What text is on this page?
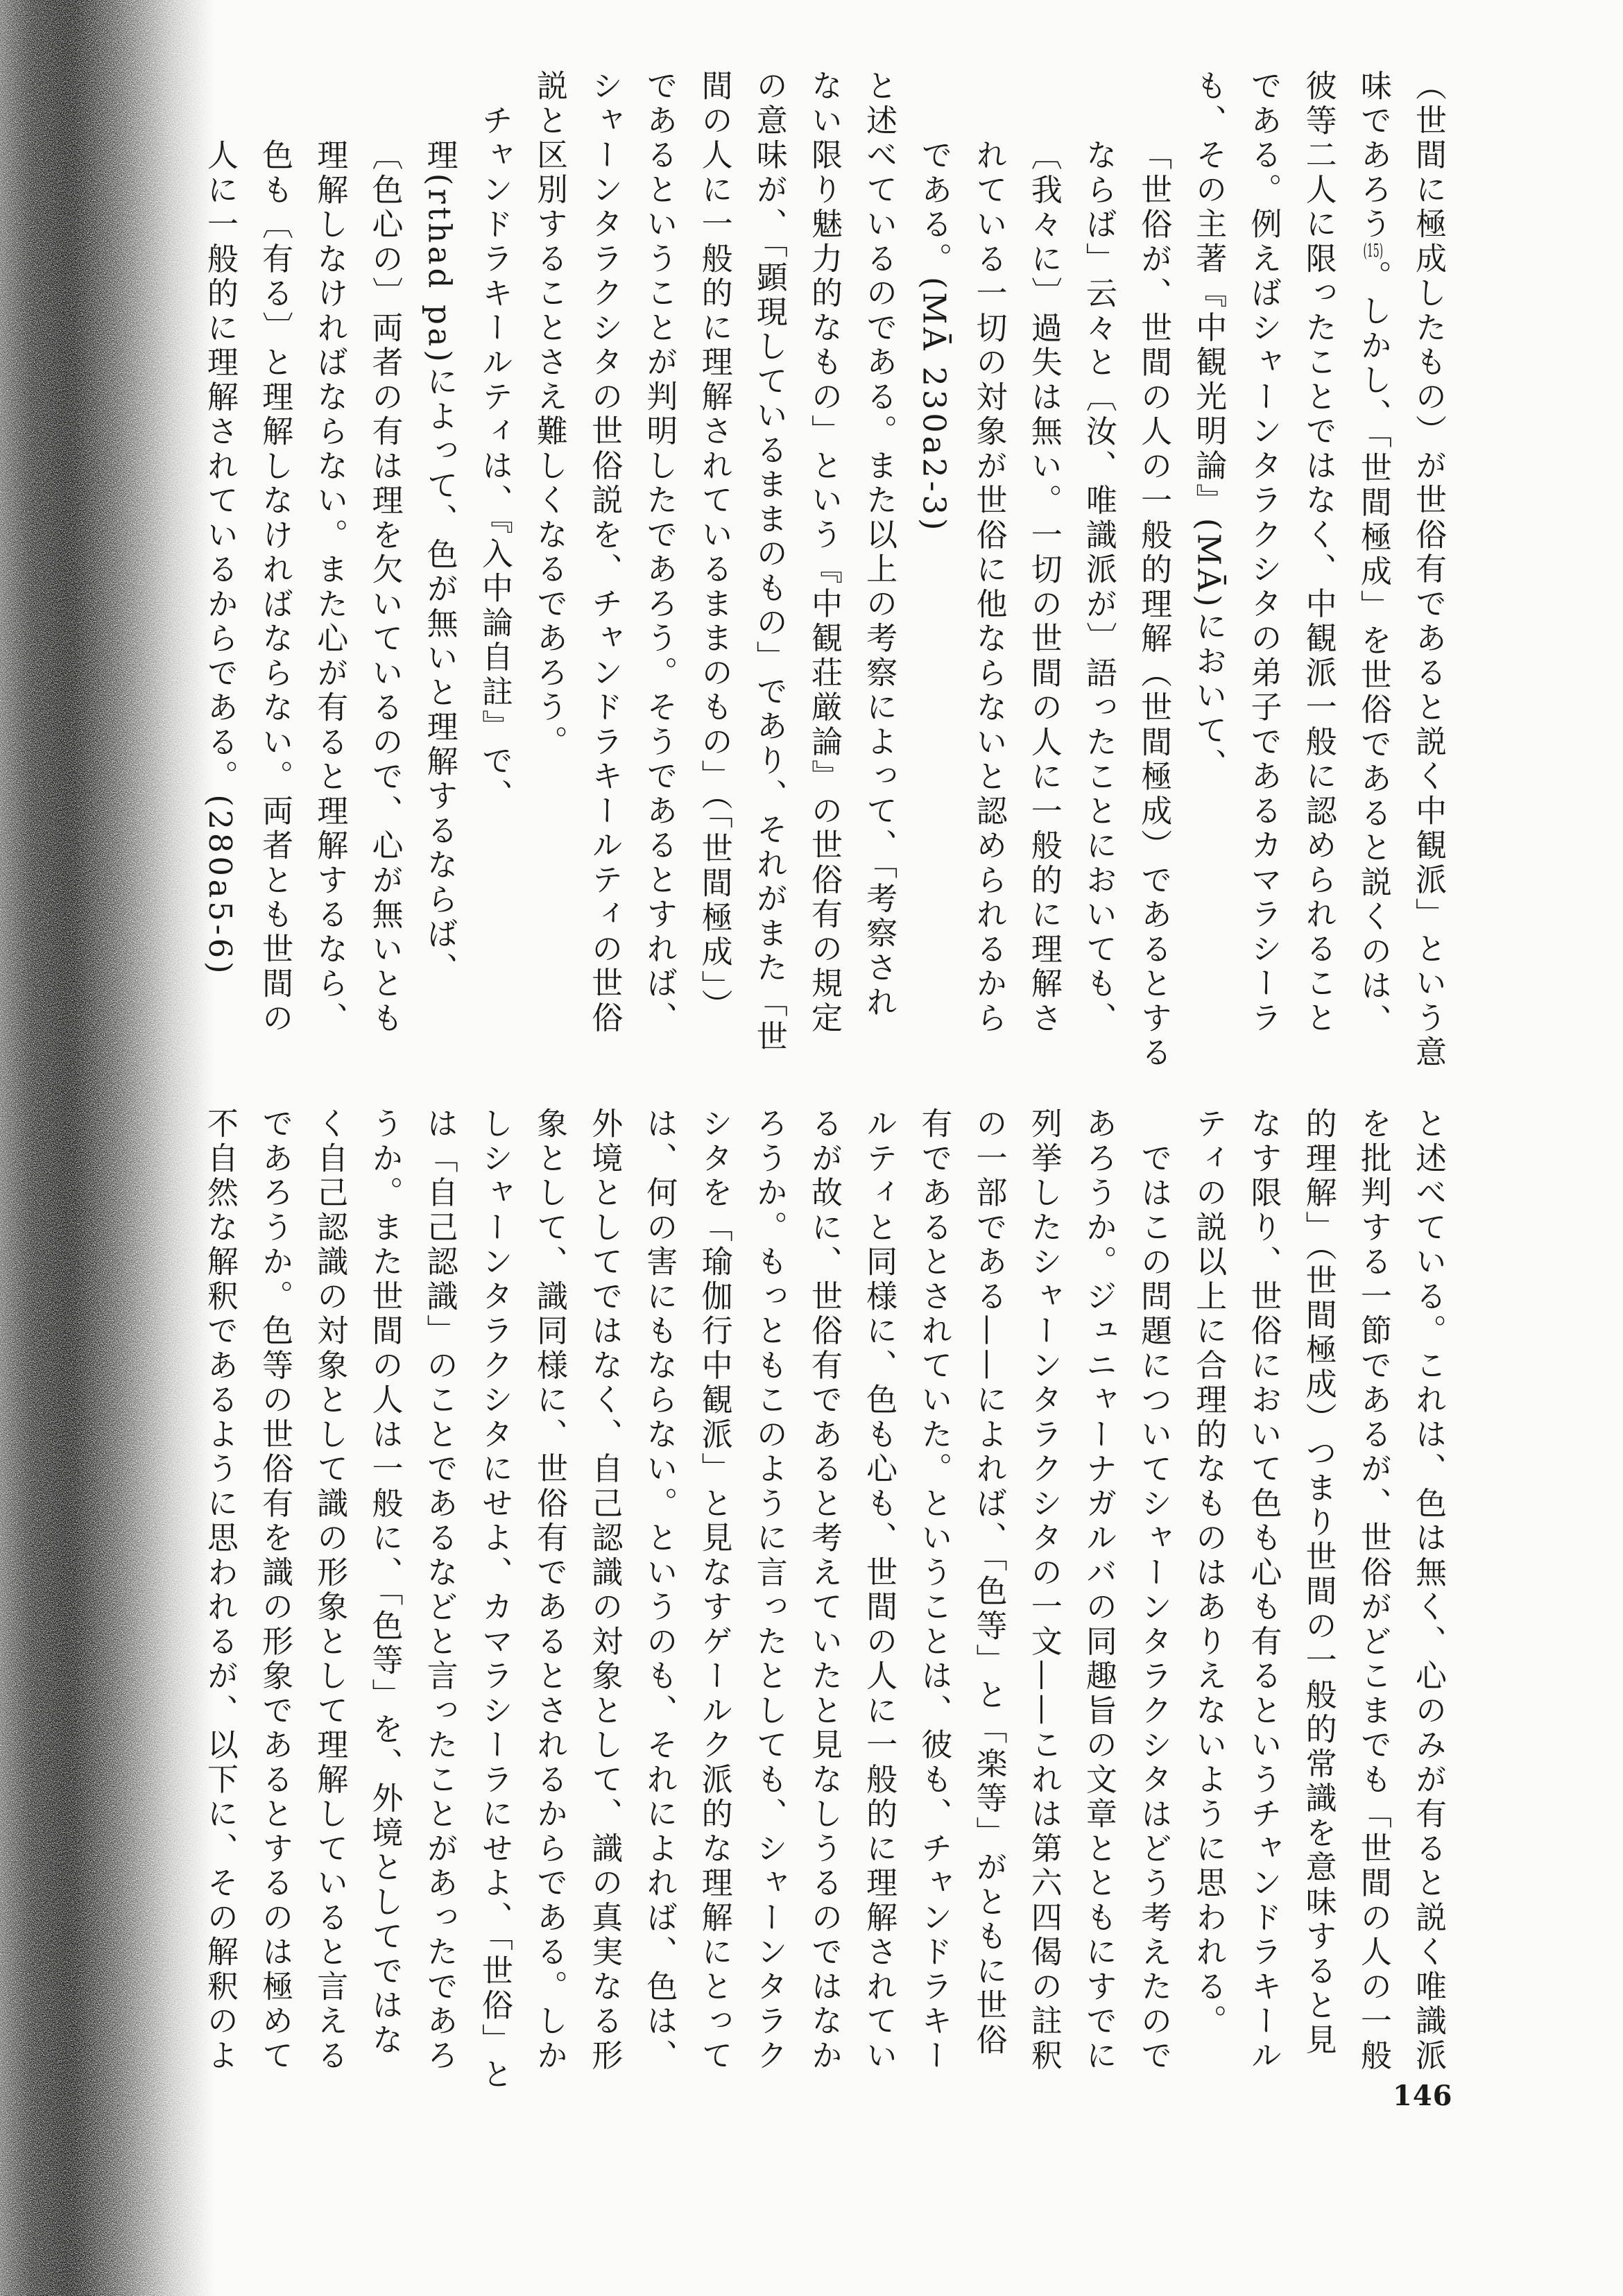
（世間に極成したもの）が世俗有であると説く中観派」という意
味であろう(15)。しかし、「世間極成」を世俗であると説くのは、
彼等二人に限ったことではなく、中観派一般に認められること
である。例えばシャーンタラクシタの弟子であるカマラシーラ
も、その主著『中観光明論』(MĀ)において、
「世俗が、世間の人の一般的理解（世間極成）であるとする
ならば」云々と〔汝、唯識派が〕語ったことにおいても、
〔我々に〕過失は無い。一切の世間の人に一般的に理解さ
れている一切の対象が世俗に他ならないと認められるから
である。(MĀ 230a2-3)
と述べているのである。また以上の考察によって、「考察され
ない限り魅力的なもの」という『中観荘厳論』の世俗有の規定
の意味が、「顕現しているままのもの」であり、それがまた「世
間の人に一般的に理解されているままのもの」（「世間極成」）
であるということが判明したであろう。そうであるとすれば、
シャーンタラクシタの世俗説を、チャンドラキールティの世俗
説と区別することさえ難しくなるであろう。
チャンドラキールティは、『入中論自註』で、
理(rthad pa)によって、色が無いと理解するならば、
〔色心の〕両者の有は理を欠いているので、心が無いとも
理解しなければならない。また心が有ると理解するなら、
色も〔有る〕と理解しなければならない。両者とも世間の
人に一般的に理解されているからである。(280a5-6)
と述べている。これは、色は無く、心のみが有ると説く唯識派
を批判する一節であるが、世俗がどこまでも「世間の人の一般
的理解」（世間極成）つまり世間の一般的常識を意味すると見
なす限り、世俗において色も心も有るというチャンドラキール
ティの説以上に合理的なものはありえないように思われる。
ではこの問題についてシャーンタラクシタはどう考えたので
あろうか。ジュニャーナガルバの同趣旨の文章とともにすでに
列挙したシャーンタラクシタの一文——これは第六四偈の註釈
の一部である——によれば、「色等」と「楽等」がともに世俗
有であるとされていた。ということは、彼も、チャンドラキー
ルティと同様に、色も心も、世間の人に一般的に理解されてい
るが故に、世俗有であると考えていたと見なしうるのではなか
ろうか。もっともこのように言ったとしても、シャーンタラク
シタを「瑜伽行中観派」と見なすゲールク派的な理解にとって
は、何の害にもならない。というのも、それによれば、色は、
外境としてではなく、自己認識の対象として、識の真実なる形
象として、識同様に、世俗有であるとされるからである。しか
しシャーンタラクシタにせよ、カマラシーラにせよ、「世俗」と
は「自己認識」のことであるなどと言ったことがあったであろ
うか。また世間の人は一般に、「色等」を、外境としてではな
く自己認識の対象として識の形象として理解していると言える
であろうか。色等の世俗有を識の形象であるとするのは極めて
不自然な解釈であるように思われるが、以下に、その解釈のよ
146
